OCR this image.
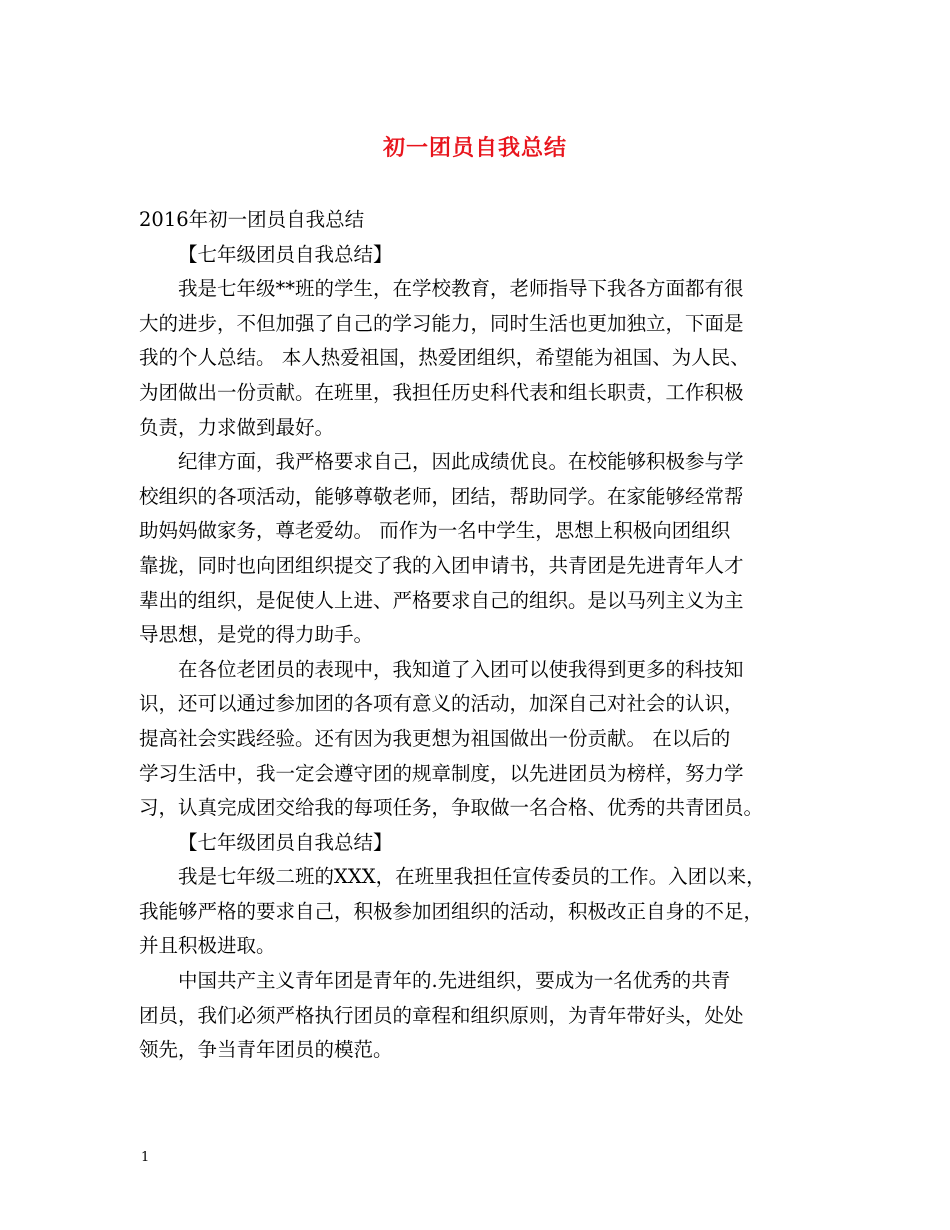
初一团员自我总结
2016年初一团员自我总结
【七年级团员自我总结】
我是七年级**班的学生，在学校教育，老师指导下我各方面都有很
大的进步，不但加强了自己的学习能力，同时生活也更加独立，下面是
我的个人总结。 本人热爱祖国，热爱团组织，希望能为祖国、为人民、
为团做出一份贡献。在班里，我担任历史科代表和组长职责，工作积极
负责，力求做到最好。
纪律方面，我严格要求自己，因此成绩优良。在校能够积极参与学
校组织的各项活动，能够尊敬老师，团结，帮助同学。在家能够经常帮
助妈妈做家务，尊老爱幼。 而作为一名中学生，思想上积极向团组织
靠拢，同时也向团组织提交了我的入团申请书，共青团是先进青年人才
辈出的组织，是促使人上进、严格要求自己的组织。是以马列主义为主
导思想，是党的得力助手。
在各位老团员的表现中，我知道了入团可以使我得到更多的科技知
识，还可以通过参加团的各项有意义的活动，加深自己对社会的认识，
提高社会实践经验。还有因为我更想为祖国做出一份贡献。 在以后的
学习生活中，我一定会遵守团的规章制度，以先进团员为榜样，努力学
习，认真完成团交给我的每项任务，争取做一名合格、优秀的共青团员。
【七年级团员自我总结】
我是七年级二班的XXX，在班里我担任宣传委员的工作。入团以来，
我能够严格的要求自己，积极参加团组织的活动，积极改正自身的不足，
并且积极进取。
中国共产主义青年团是青年的.先进组织，要成为一名优秀的共青
团员，我们必须严格执行团员的章程和组织原则，为青年带好头，处处
领先，争当青年团员的模范。
1
